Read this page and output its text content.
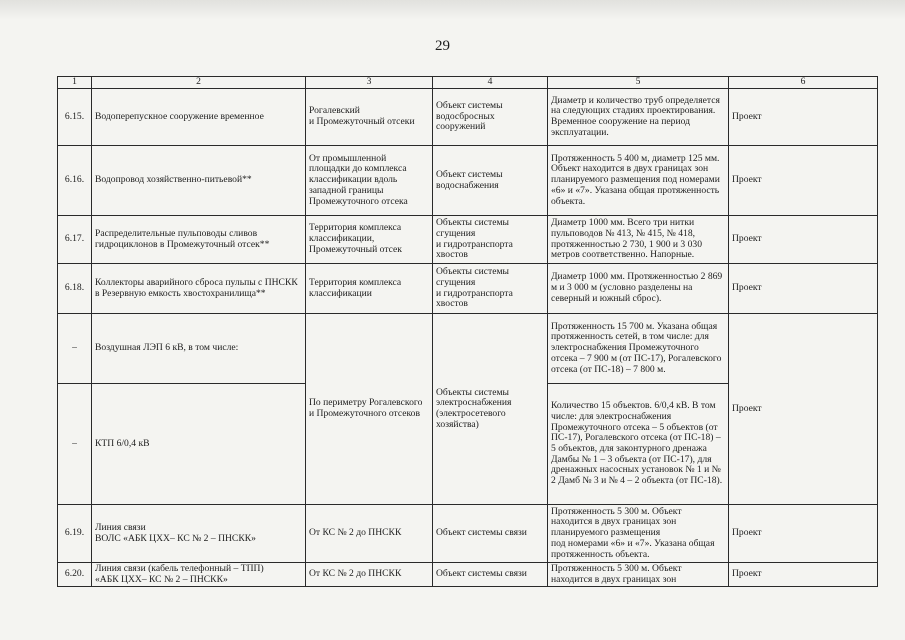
29
1	2	3	4	5	6
6.15.	Водоперепускное сооружение временное	Рогалевский
и Промежуточный отсеки	Объект системы водосбросных сооружений	Диаметр и количество труб определяется на следующих стадиях проектирования. Временное сооружение на период эксплуатации.	Проект
6.16.	Водопровод хозяйственно-питьевой**	От промышленной площадки до комплекса классификации вдоль западной границы Промежуточного отсека	Объект системы водоснабжения	Протяженность 5 400 м, диаметр 125 мм. Объект находится в двух границах зон планируемого размещения под номерами «6» и «7». Указана общая протяженность объекта.	Проект
6.17.	Распределительные пульповоды сливов гидроциклонов в Промежуточный отсек**	Территория комплекса классификации, Промежуточный отсек	Объекты системы сгущения
и гидротранспорта хвостов	Диаметр 1000 мм. Всего три нитки пульповодов № 413, № 415, № 418, протяженностью 2 730, 1 900 и 3 030 метров соответственно. Напорные.	Проект
6.18.	Коллекторы аварийного сброса пульпы с ПНСКК в Резервную емкость хвостохранилища**	Территория комплекса классификации	Объекты системы сгущения
и гидротранспорта хвостов	Диаметр 1000 мм. Протяженностью 2 869 м и 3 000 м (условно разделены на северный и южный сброс).	Проект
–	Воздушная ЛЭП 6 кВ, в том числе:	По периметру Рогалевского
и Промежуточного отсеков	Объекты системы электроснабжения (электросетевого хозяйства)	Протяженность 15 700 м. Указана общая протяженность сетей, в том числе: для электроснабжения Промежуточного отсека – 7 900 м (от ПС-17), Рогалевского отсека (от ПС-18) – 7 800 м.	Проект
–	КТП 6/0,4 кВ			Количество 15 объектов. 6/0,4 кВ. В том числе: для электроснабжения Промежуточного отсека – 5 объектов (от ПС-17), Рогалевского отсека (от ПС-18) – 5 объектов, для законтурного дренажа Дамбы № 1 – 3 объекта (от ПС-17), для дренажных насосных установок № 1 и № 2 Дамб № 3 и № 4 – 2 объекта (от ПС-18).	
6.19.	Линия связи
ВОЛС «АБК ЦХХ– КС № 2 – ПНСКК»	От КС № 2 до ПНСКК	Объект системы связи	Протяженность 5 300 м. Объект находится в двух границах зон планируемого размещения
под номерами «6» и «7». Указана общая протяженность объекта.	Проект
6.20.	Линия связи (кабель телефонный – ТПП)
«АБК ЦХХ– КС № 2 – ПНСКК»	От КС № 2 до ПНСКК	Объект системы связи	Протяженность 5 300 м. Объект находится в двух границах зон	Проект
